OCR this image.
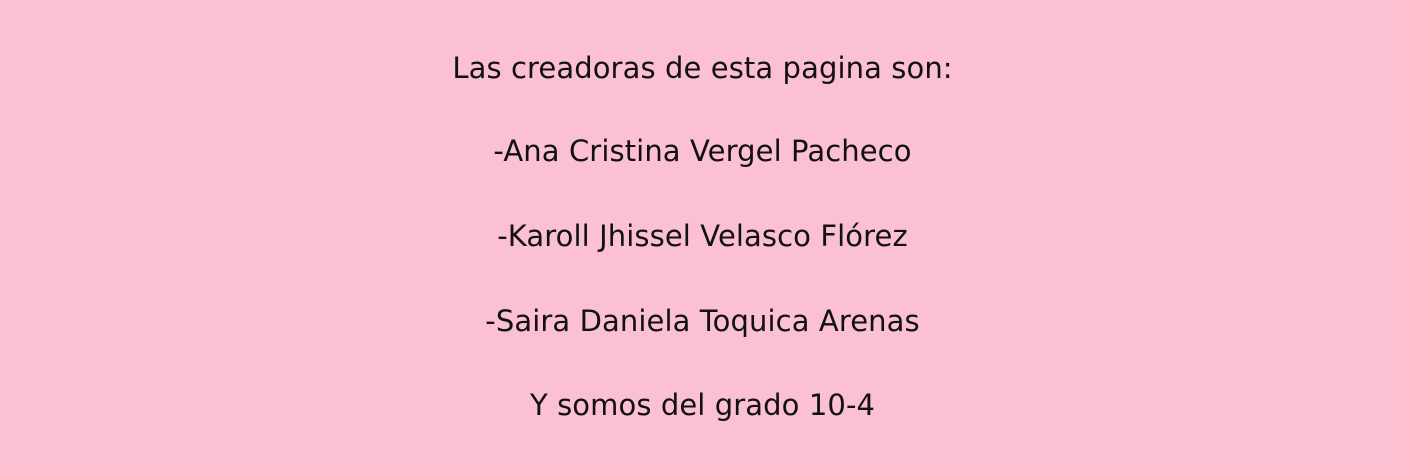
Las creadoras de esta pagina son:
-Ana Cristina Vergel Pacheco
-Karoll Jhissel Velasco Flórez
-Saira Daniela Toquica Arenas
Y somos del grado 10-4
